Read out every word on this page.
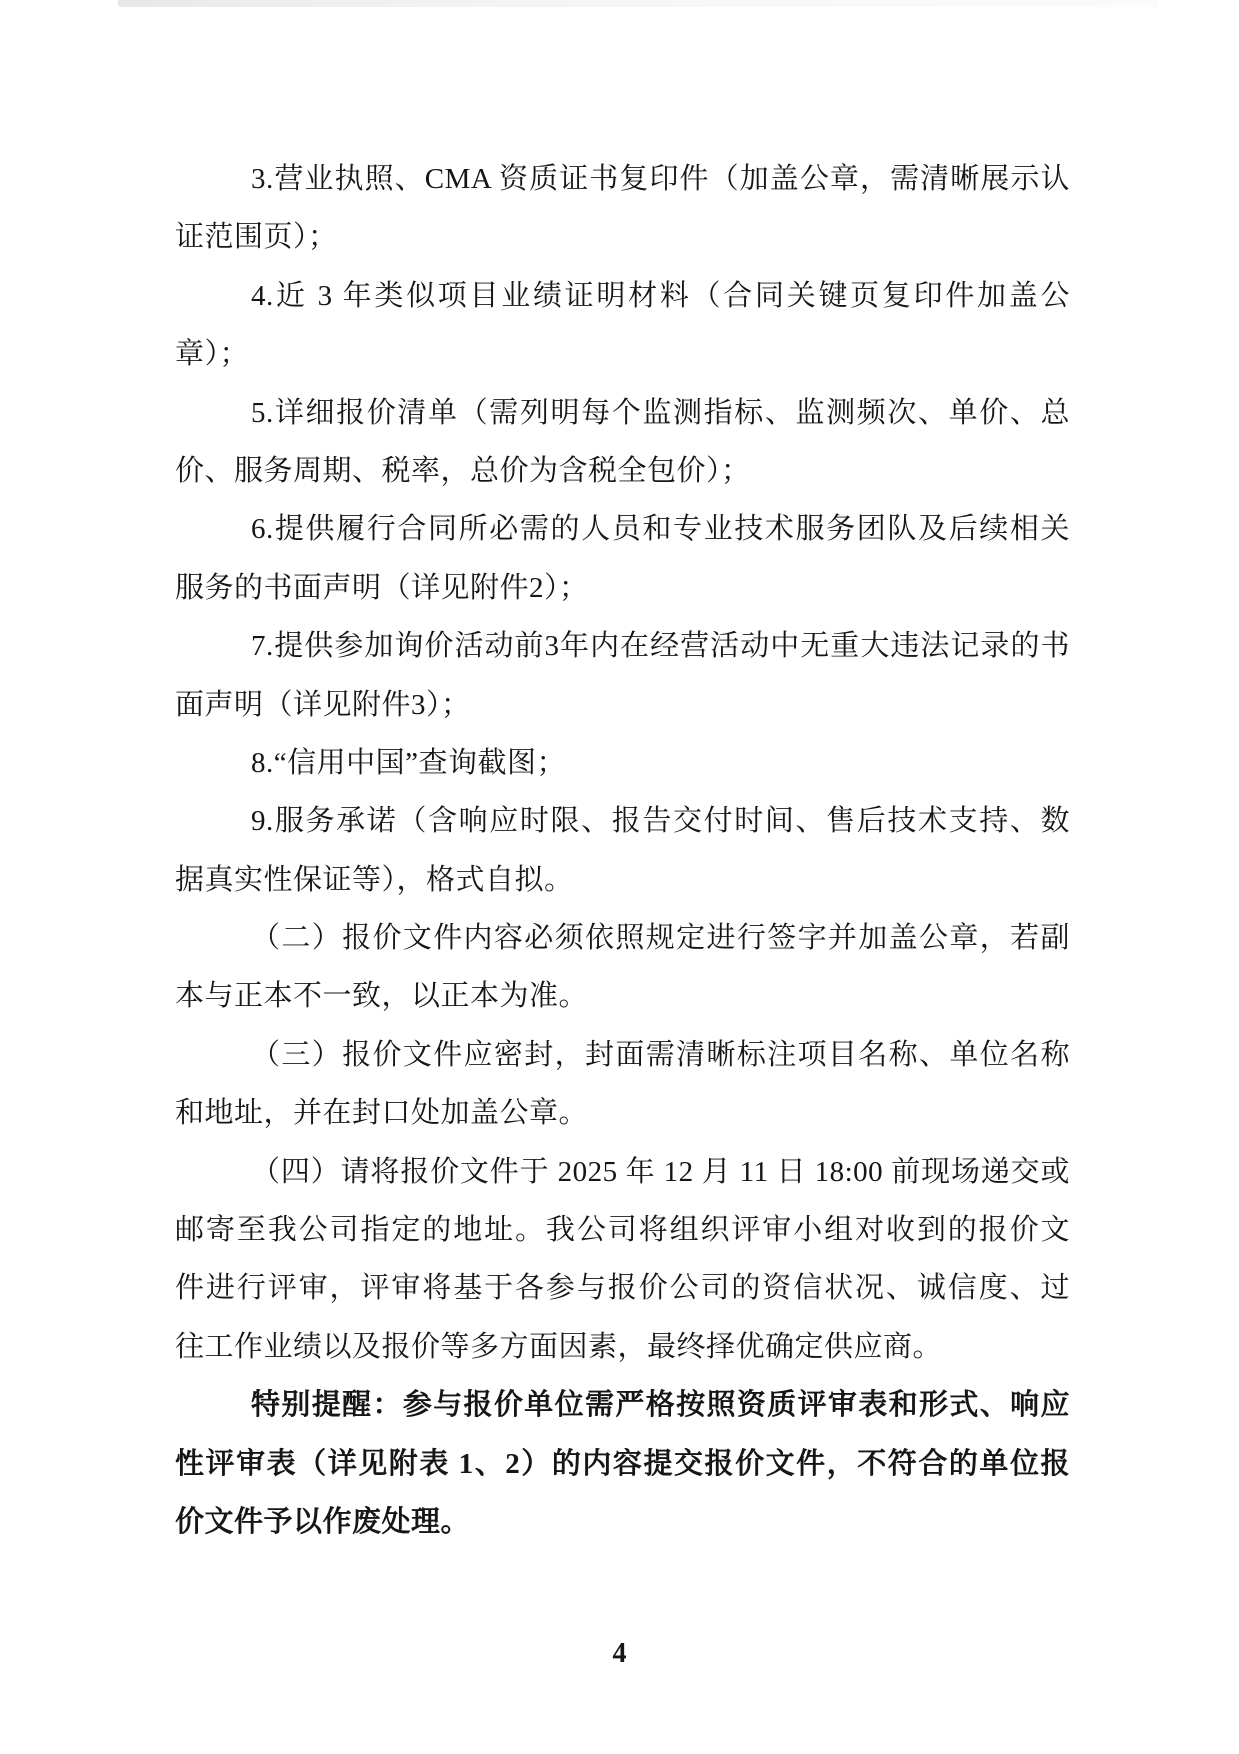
3.营业执照、CMA 资质证书复印件（加盖公章，需清晰展示认
证范围页）；
4.近 3 年类似项目业绩证明材料（合同关键页复印件加盖公
章）；
5.详细报价清单（需列明每个监测指标、监测频次、单价、总
价、服务周期、税率，总价为含税全包价）；
6.提供履行合同所必需的人员和专业技术服务团队及后续相关
服务的书面声明（详见附件2）；
7.提供参加询价活动前3年内在经营活动中无重大违法记录的书
面声明（详见附件3）；
8.“信用中国”查询截图；
9.服务承诺（含响应时限、报告交付时间、售后技术支持、数
据真实性保证等），格式自拟。
（二）报价文件内容必须依照规定进行签字并加盖公章，若副
本与正本不一致，以正本为准。
（三）报价文件应密封，封面需清晰标注项目名称、单位名称
和地址，并在封口处加盖公章。
（四）请将报价文件于 2025 年 12 月 11 日 18:00 前现场递交或
邮寄至我公司指定的地址。我公司将组织评审小组对收到的报价文
件进行评审，评审将基于各参与报价公司的资信状况、诚信度、过
往工作业绩以及报价等多方面因素，最终择优确定供应商。
特别提醒：参与报价单位需严格按照资质评审表和形式、响应
性评审表（详见附表 1、2）的内容提交报价文件，不符合的单位报
价文件予以作废处理。
4
